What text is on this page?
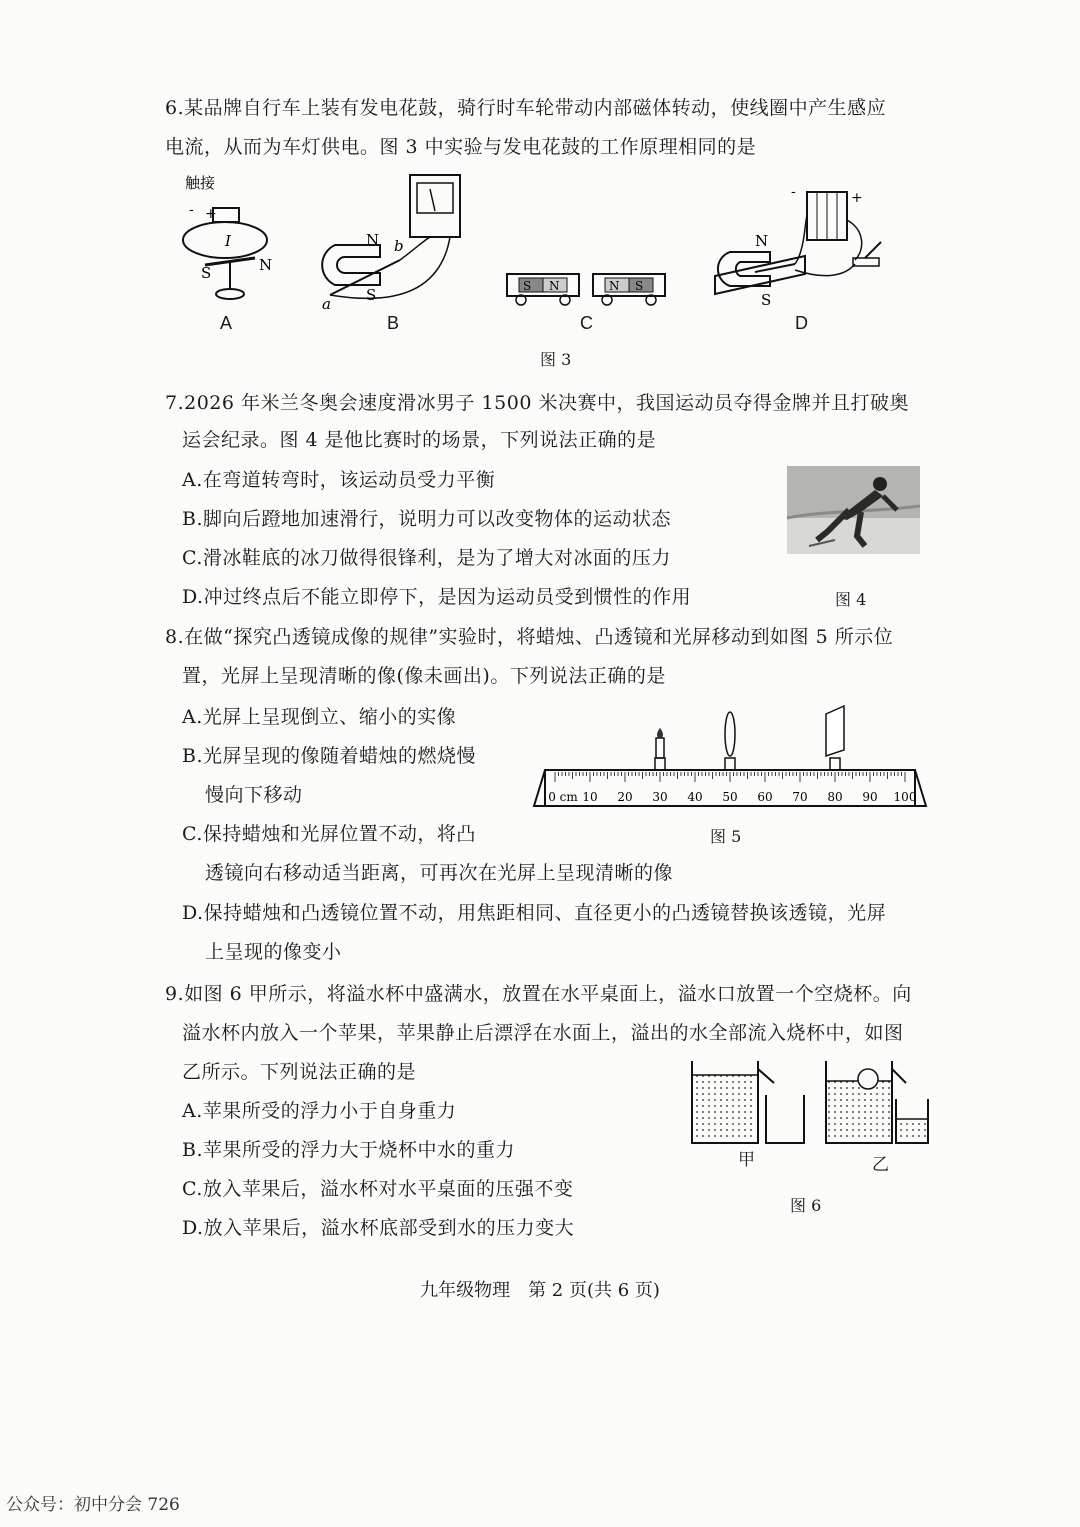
6.某品牌自行车上装有发电花鼓，骑行时车轮带动内部磁体转动，使线圈中产生感应
电流，从而为车灯供电。图 3 中实验与发电花鼓的工作原理相同的是
触接
+
-
I
S	N
A
N
S
a
b
B
S N	N S
C
-	+
N
S
D
图 3
7.2026 年米兰冬奥会速度滑冰男子 1500 米决赛中，我国运动员夺得金牌并且打破奥
运会纪录。图 4 是他比赛时的场景，下列说法正确的是
A.在弯道转弯时，该运动员受力平衡
B.脚向后蹬地加速滑行，说明力可以改变物体的运动状态
C.滑冰鞋底的冰刀做得很锋利，是为了增大对冰面的压力
D.冲过终点后不能立即停下，是因为运动员受到惯性的作用	图 4
8.在做“探究凸透镜成像的规律”实验时，将蜡烛、凸透镜和光屏移动到如图 5 所示位
置，光屏上呈现清晰的像(像未画出)。下列说法正确的是
A.光屏上呈现倒立、缩小的实像
B.光屏呈现的像随着蜡烛的燃烧慢
慢向下移动
C.保持蜡烛和光屏位置不动，将凸
透镜向右移动适当距离，可再次在光屏上呈现清晰的像
D.保持蜡烛和凸透镜位置不动，用焦距相同、直径更小的凸透镜替换该透镜，光屏
上呈现的像变小
0 cm 10 20 30 40 50 60 70 80 90 100
图 5
9.如图 6 甲所示，将溢水杯中盛满水，放置在水平桌面上，溢水口放置一个空烧杯。向
溢水杯内放入一个苹果，苹果静止后漂浮在水面上，溢出的水全部流入烧杯中，如图
乙所示。下列说法正确的是
A.苹果所受的浮力小于自身重力
B.苹果所受的浮力大于烧杯中水的重力
C.放入苹果后，溢水杯对水平桌面的压强不变
D.放入苹果后，溢水杯底部受到水的压力变大
甲	乙
图 6
九年级物理　第 2 页(共 6 页)
公众号：初中分会 726
